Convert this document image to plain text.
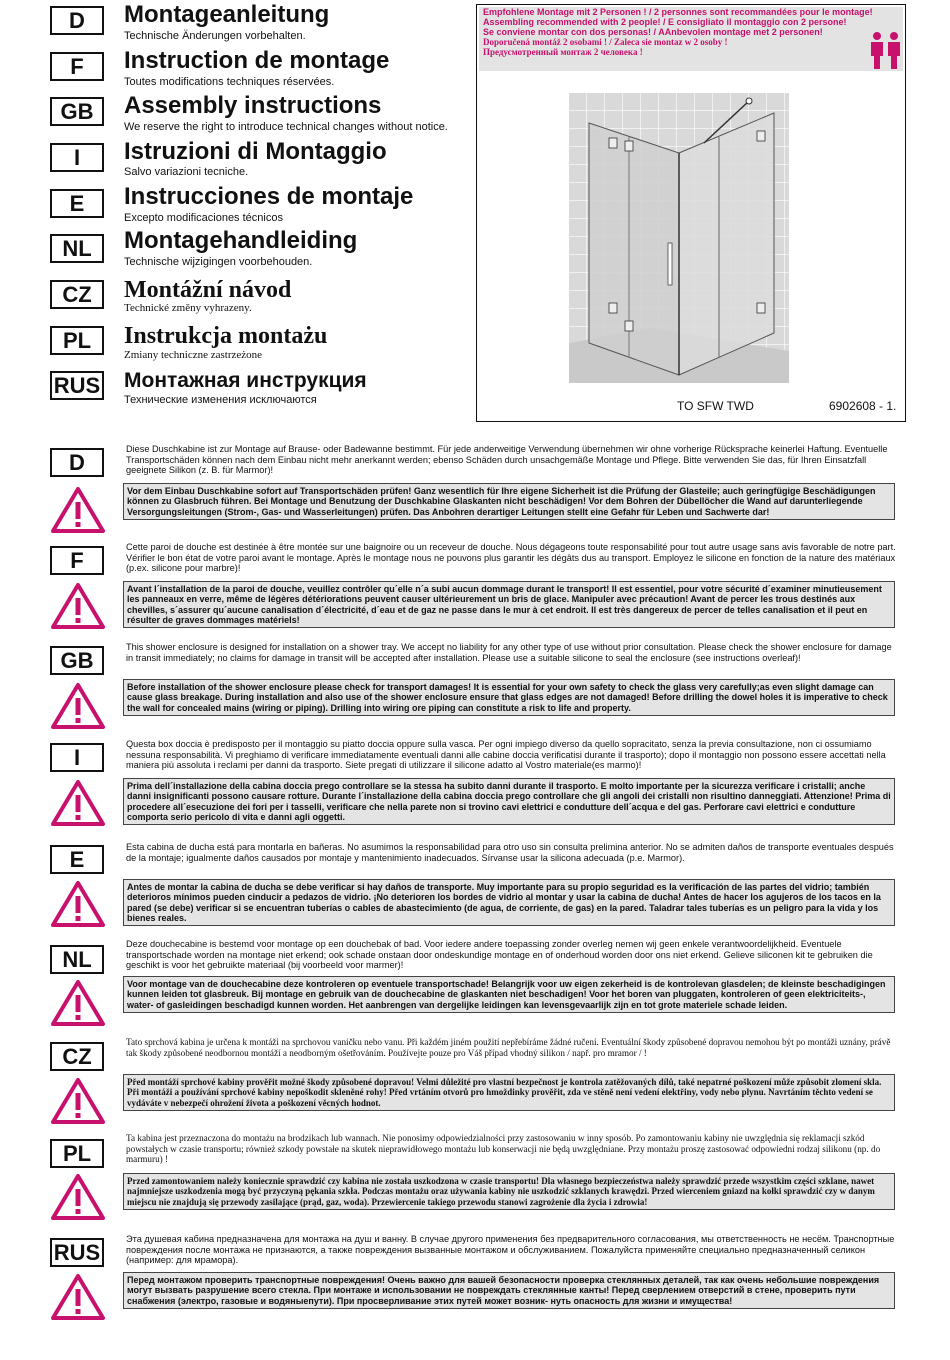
D
F
GB
I
E
NL
CZ
PL
RUS
Montageanleitung
Technische Änderungen vorbehalten.
Instruction de montage
Toutes modifications techniques réservées.
Assembly instructions
We reserve the right to introduce technical changes without notice.
Istruzioni di Montaggio
Salvo variazioni tecniche.
Instrucciones de montaje
Excepto modificaciones técnicos
Montagehandleiding
Technische wijzigingen voorbehouden.
Montážní návod
Technické změny vyhrazeny.
Instrukcja montażu
Zmiany techniczne zastrzeżone
Монтажная инструкция
Технические изменения исключаются
Empfohlene Montage mit 2 Personen ! / 2 personnes sont recommandées pour le montage!
Assembling recommended with 2 people! / E consigliato il montaggio con 2 persone!
Se conviene montar con dos personas! / AAnbevolen montage met 2 personen!
Doporučená montáž 2 osobami ! / Zaleca sie montaz w 2 osoby !
Предусмотренный монтаж 2 человека !
TO SFW TWD	6902608 - 1.
D
Diese Duschkabine ist zur Montage auf Brause- oder Badewanne bestimmt. Für jede anderweitige Verwendung übernehmen wir ohne vorherige Rücksprache keinerlei Haftung. Eventuelle Transportschäden können nach dem Einbau nicht mehr anerkannt werden; ebenso Schäden durch unsachgemäße Montage und Pflege. Bitte verwenden Sie das, für Ihren Einsatzfall geeignete Silikon (z. B. für Marmor)!
Vor dem Einbau Duschkabine sofort auf Transportschäden prüfen! Ganz wesentlich für Ihre eigene Sicherheit ist die Prüfung der Glasteile; auch geringfügige Beschädigungen können zu Glasbruch führen. Bei Montage und Benutzung der Duschkabine Glaskanten nicht beschädigen! Vor dem Bohren der Dübellöcher die Wand auf darunterliegende Versorgungsleitungen (Strom-, Gas- und Wasserleitungen) prüfen. Das Anbohren derartiger Leitungen stellt eine Gefahr für Leben und Sachwerte dar!
F
Cette paroi de douche est destinée à être montée sur une baignoire ou un receveur de douche. Nous dégageons toute responsabilité pour tout autre usage sans avis favorable de notre part. Vérifier le bon état de votre paroi avant le montage. Après le montage nous ne pouvons plus garantir les dégâts dus au transport. Employez le silicone en fonction de la nature des matériaux (p.ex. silicone pour marbre)!
Avant l´installation de la paroi de douche, veuillez contrôler qu´elle n´a subi aucun dommage durant le transport! Il est essentiel, pour votre sécurité d´examiner minutieusement les panneaux en verre, même de légères détériorations peuvent causer ultérieurement un bris de glace. Manipuler avec précaution! Avant de percer les trous destinés aux chevilles, s´assurer qu´aucune canalisation d´électricité, d´eau et de gaz ne passe dans le mur à cet endroit. Il est très dangereux de percer de telles canalisation et il peut en résulter de graves dommages matériels!
GB
This shower enclosure is designed for installation on a shower tray. We accept no liability for any other type of use without prior consultation. Please check the shower enclosure for damage in transit immediately; no claims for damage in transit will be accepted after installation. Please use a suitable silicone to seal the enclosure (see instructions overleaf)!
Before installation of the shower enclosure please check for transport damages! It is essential for your own safety to check the glass very carefully;as even slight damage can cause glass breakage. During installation and also use of the shower enclosure ensure that glass edges are not damaged! Before drilling the dowel holes it is imperative to check the wall for concealed mains (wiring or piping). Drilling into wiring ore piping can constitute a risk to life and property.
I
Questa box doccia è predisposto per il montaggio su piatto doccia oppure sulla vasca. Per ogni impiego diverso da quello sopracitato, senza la previa consultazione, non ci ossumiamo nessuna responsabilità. Vi preghiamo di verificare immediatamente eventuali danni alle cabine doccia verificatisi durante il trasporto); dopo il montaggio non possono essere accettati nella maniera più assoluta i reclami per danni da trasporto. Siete pregati di utilizzare il silicone adatto al Vostro materiale(es marmo)!
Prima dell´installazione della cabina doccia prego controllare se la stessa ha subito danni durante il trasporto. E molto importante per la sicurezza verificare i cristalli; anche danni insignificanti possono causare rotture. Durante l´installazione della cabina doccia prego controllare che gli angoli dei cristalli non risultino danneggiati. Attenzione! Prima di procedere all´esecuzione dei fori per i tasselli, verificare che nella parete non si trovino cavi elettrici e condutture dell´acqua e del gas. Perforare cavi elettrici e condutture comporta serio pericolo di vita e danni agli oggetti.
E	Esta cabina de ducha está para montarla en bañeras. No asumimos la responsabilidad para otro uso sin consulta prelimina anterior. No se admiten daños de transporte eventuales después de la montaje; igualmente daños causados por montaje y mantenimiento inadecuados. Sírvanse usar la silicona adecuada (p.e. Marmor).
Antes de montar la cabina de ducha se debe verificar si hay daños de transporte. Muy importante para su propio seguridad es la verificación de las partes del vidrio; también deterioros mínimos pueden cinducir a pedazos de vidrio. ¡No deterioren los bordes de vidrio al montar y usar la cabina de ducha! Antes de hacer los agujeros de los tacos en la pared (se debe) verificar si se encuentran tuberías o cables de abastecimiento (de agua, de corriente, de gas) en la pared. Taladrar tales tuberías es un peligro para la vida y los bienes reales.
NL
Deze douchecabine is bestemd voor montage op een douchebak of bad. Voor iedere andere toepassing zonder overleg nemen wij geen enkele verantwoordelijkheid. Eventuele transportschade worden na montage niet erkend; ook schade onstaan door ondeskundige montage en of onderhoud worden door ons niet erkend. Gelieve siliconen kit te gebruiken die geschikt is voor het gebruikte materiaal (bij voorbeeld voor marmer)!
Voor montage van de douchecabine deze kontroleren op eventuele transportschade! Belangrijk voor uw eigen zekerheid is de kontrolevan glasdelen; de kleinste beschadigingen kunnen leiden tot glasbreuk. Bij montage en gebruik van de douchecabine de glaskanten niet beschadigen! Voor het boren van pluggaten, kontroleren of geen elektriciteits-, water- of gasleidingen beschadigd kunnen worden. Het aanbrengen van dergelijke leidingen kan levensgevaarlijk zijn en tot grote materiele schade leiden.
CZ
Tato sprchová kabina je určena k montáži na sprchovou vaničku nebo vanu. Při každém jiném použití nepřebíráme žádné ručení. Eventuální škody způsobené dopravou nemohou být po montáži uznány, právě tak škody způsobené neodbornou montáží a neodborným ošetřováním. Používejte pouze pro Váš případ vhodný silikon / např. pro mramor / !
Před montáží sprchové kabiny prověřit možné škody způsobené dopravou! Velmi důležité pro vlastní bezpečnost je kontrola zatěžovaných dílů, také nepatrné poškození může způsobit zlomení skla. Při montáži a používání sprchové kabiny nepoškodit skleněné rohy! Před vrtáním otvorů pro hmoždinky prověřit, zda ve stěně není vedení elektřiny, vody nebo plynu. Navrtáním těchto vedení se vydáváte v nebezpečí ohrožení života a poškození věcných hodnot.
PL
Ta kabina jest przeznaczona do montażu na brodzikach lub wannach. Nie ponosimy odpowiedzialności przy zastosowaniu w inny sposób. Po zamontowaniu kabiny nie uwzględnia się reklamacji szkód powstałych w czasie transportu; również szkody powstałe na skutek nieprawidłowego montażu lub konserwacji nie będą uwzględniane. Przy montażu proszę zastosować odpowiedni rodzaj silikonu (np. do marmuru) !
Przed zamontowaniem należy koniecznie sprawdzić czy kabina nie została uszkodzona w czasie transportu! Dla własnego bezpieczeństwa należy sprawdzić przede wszystkim części szklane, nawet najmniejsze uszkodzenia mogą być przyczyną pękania szkła. Podczas montażu oraz używania kabiny nie uszkodzić szklanych krawędzi. Przed wierceniem gniazd na kołki sprawdzić czy w danym miejscu nie znajdują się przewody zasilające (prąd, gaz, woda). Przewiercenie takiego przewodu stanowi zagrożenie dla życia i zdrowia!
RUS
Эта душевая кабина предназначена для монтажа на душ и ванну. В случае другого применения без предварительного согласования, мы ответственность не несём. Транспортные повреждения после монтажа не признаются, а также повреждения вызванные монтажом и обслуживанием. Пожалуйста применяйте специально предназначенный селикон (например: для мрамора).
Перед монтажом проверить транспортные повреждения! Очень важно для вашей безопасности проверка стеклянных деталей, так как очень небольшие повреждения могут вызвать разрушение всего стекла. При монтаже и использовании не повреждать стеклянные канты! Перед сверлением отверстий в стене, проверить пути снабжения (электро, газовые и водяныепути). При просверливание этих путей может возник- нуть опасность для жизни и имущества!
